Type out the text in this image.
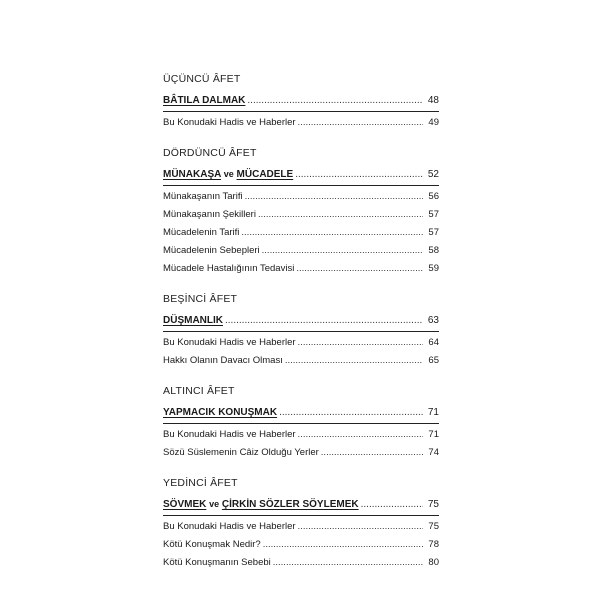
ÜÇÜNCÜ ÂFET
BÂTILA DALMAK .....	48
Bu Konudaki Hadis ve Haberler .....	49
DÖRDÜNCÜ ÂFET
MÜNAKAŞA ve MÜCADELE .....	52
Münakaşanın Tarifi .....	56
Münakaşanın Şekilleri .....	57
Mücadelenin Tarifi .....	57
Mücadelenin Sebepleri .....	58
Mücadele Hastalığının Tedavisi .....	59
BEŞİNCİ ÂFET
DÜŞMANLIK .....	63
Bu Konudaki Hadis ve Haberler .....	64
Hakkı Olanın Davacı Olması .....	65
ALTINCI ÂFET
YAPMACIK KONUŞMAK .....	71
Bu Konudaki Hadis ve Haberler .....	71
Sözü Süslemenin Câiz Olduğu Yerler .....	74
YEDİNCİ ÂFET
SÖVMEK ve ÇİRKİN SÖZLER SÖYLEMEK .....	75
Bu Konudaki Hadis ve Haberler .....	75
Kötü Konuşmak Nedir? .....	78
Kötü Konuşmanın Sebebi .....	80
